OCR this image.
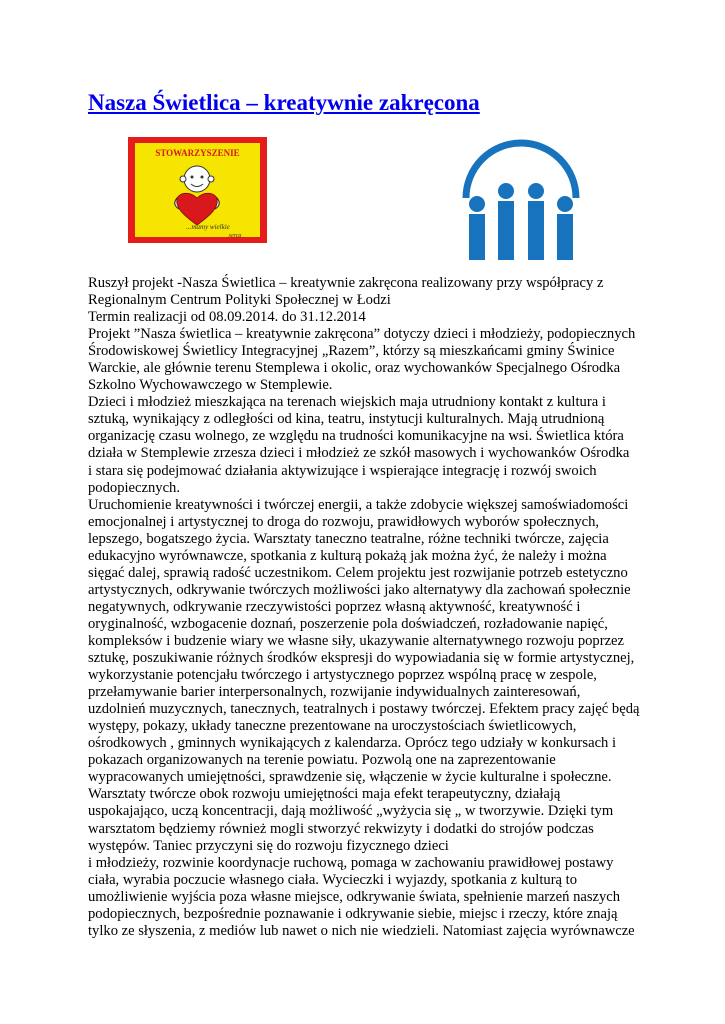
Nasza Świetlica – kreatywnie zakręcona
STOWARZYSZENIE
...mamy wielkie
serca
Ruszył projekt -Nasza Świetlica – kreatywnie zakręcona realizowany przy współpracy z
Regionalnym Centrum Polityki Społecznej w Łodzi
Termin realizacji od 08.09.2014. do 31.12.2014
Projekt ”Nasza świetlica – kreatywnie zakręcona” dotyczy dzieci i młodzieży, podopiecznych
Środowiskowej Świetlicy Integracyjnej „Razem”, którzy są mieszkańcami gminy Świnice
Warckie, ale głównie terenu Stemplewa i okolic, oraz wychowanków Specjalnego Ośrodka
Szkolno Wychowawczego w Stemplewie.
Dzieci i młodzież mieszkająca na terenach wiejskich maja utrudniony kontakt z kultura i
sztuką, wynikający z odległości od kina, teatru, instytucji kulturalnych. Mają utrudnioną
organizację czasu wolnego, ze względu na trudności komunikacyjne na wsi. Świetlica która
działa w Stemplewie zrzesza dzieci i młodzież ze szkół masowych i wychowanków Ośrodka
i stara się podejmować działania aktywizujące i wspierające integrację i rozwój swoich
podopiecznych.
Uruchomienie kreatywności i twórczej energii, a także zdobycie większej samoświadomości
emocjonalnej i artystycznej to droga do rozwoju, prawidłowych wyborów społecznych,
lepszego, bogatszego życia. Warsztaty taneczno teatralne, różne techniki twórcze, zajęcia
edukacyjno wyrównawcze, spotkania z kulturą pokażą jak można żyć, że należy i można
sięgać dalej, sprawią radość uczestnikom. Celem projektu jest rozwijanie potrzeb estetyczno
artystycznych, odkrywanie twórczych możliwości jako alternatywy dla zachowań społecznie
negatywnych, odkrywanie rzeczywistości poprzez własną aktywność, kreatywność i
oryginalność, wzbogacenie doznań, poszerzenie pola doświadczeń, rozładowanie napięć,
kompleksów i budzenie wiary we własne siły, ukazywanie alternatywnego rozwoju poprzez
sztukę, poszukiwanie różnych środków ekspresji do wypowiadania się w formie artystycznej,
wykorzystanie potencjału twórczego i artystycznego poprzez wspólną pracę w zespole,
przełamywanie barier interpersonalnych, rozwijanie indywidualnych zainteresowań,
uzdolnień muzycznych, tanecznych, teatralnych i postawy twórczej. Efektem pracy zajęć będą
występy, pokazy, układy taneczne prezentowane na uroczystościach świetlicowych,
ośrodkowych , gminnych wynikających z kalendarza. Oprócz tego udziały w konkursach i
pokazach organizowanych na terenie powiatu. Pozwolą one na zaprezentowanie
wypracowanych umiejętności, sprawdzenie się, włączenie w życie kulturalne i społeczne.
Warsztaty twórcze obok rozwoju umiejętności maja efekt terapeutyczny, działają
uspokajająco, uczą koncentracji, dają możliwość „wyżycia się „ w tworzywie. Dzięki tym
warsztatom będziemy również mogli stworzyć rekwizyty i dodatki do strojów podczas
występów. Taniec przyczyni się do rozwoju fizycznego dzieci
i młodzieży, rozwinie koordynacje ruchową, pomaga w zachowaniu prawidłowej postawy
ciała, wyrabia poczucie własnego ciała. Wycieczki i wyjazdy, spotkania z kulturą to
umożliwienie wyjścia poza własne miejsce, odkrywanie świata, spełnienie marzeń naszych
podopiecznych, bezpośrednie poznawanie i odkrywanie siebie, miejsc i rzeczy, które znają
tylko ze słyszenia, z mediów lub nawet o nich nie wiedzieli. Natomiast zajęcia wyrównawcze
